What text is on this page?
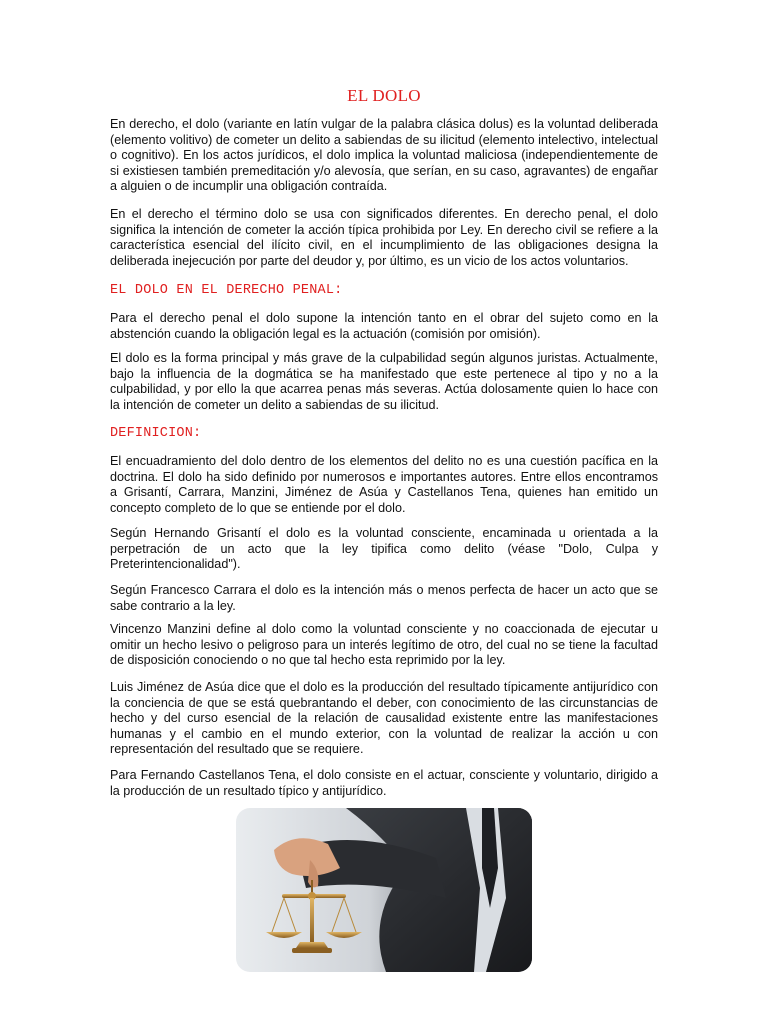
EL DOLO

En derecho, el dolo (variante en latín vulgar de la palabra clásica dolus) es la voluntad deliberada (elemento volitivo) de cometer un delito a sabiendas de su ilicitud (elemento intelectivo, intelectual o cognitivo). En los actos jurídicos, el dolo implica la voluntad maliciosa (independientemente de si existiesen también premeditación y/o alevosía, que serían, en su caso, agravantes) de engañar a alguien o de incumplir una obligación contraída.

En el derecho el término dolo se usa con significados diferentes. En derecho penal, el dolo significa la intención de cometer la acción típica prohibida por Ley. En derecho civil se refiere a la característica esencial del ilícito civil, en el incumplimiento de las obligaciones designa la deliberada inejecución por parte del deudor y, por último, es un vicio de los actos voluntarios.

EL DOLO EN EL DERECHO PENAL:

Para el derecho penal el dolo supone la intención tanto en el obrar del sujeto como en la abstención cuando la obligación legal es la actuación (comisión por omisión).

El dolo es la forma principal y más grave de la culpabilidad según algunos juristas. Actualmente, bajo la influencia de la dogmática se ha manifestado que este pertenece al tipo y no a la culpabilidad, y por ello la que acarrea penas más severas. Actúa dolosamente quien lo hace con la intención de cometer un delito a sabiendas de su ilicitud.

DEFINICION:

El encuadramiento del dolo dentro de los elementos del delito no es una cuestión pacífica en la doctrina. El dolo ha sido definido por numerosos e importantes autores. Entre ellos encontramos a Grisantí, Carrara, Manzini, Jiménez de Asúa y Castellanos Tena, quienes han emitido un concepto completo de lo que se entiende por el dolo.

Según Hernando Grisantí el dolo es la voluntad consciente, encaminada u orientada a la perpetración de un acto que la ley tipifica como delito (véase "Dolo, Culpa y Preterintencionalidad").

Según Francesco Carrara el dolo es la intención más o menos perfecta de hacer un acto que se sabe contrario a la ley.

Vincenzo Manzini define al dolo como la voluntad consciente y no coaccionada de ejecutar u omitir un hecho lesivo o peligroso para un interés legítimo de otro, del cual no se tiene la facultad de disposición conociendo o no que tal hecho esta reprimido por la ley.

Luis Jiménez de Asúa dice que el dolo es la producción del resultado típicamente antijurídico con la conciencia de que se está quebrantando el deber, con conocimiento de las circunstancias de hecho y del curso esencial de la relación de causalidad existente entre las manifestaciones humanas y el cambio en el mundo exterior, con la voluntad de realizar la acción u con representación del resultado que se requiere.

Para Fernando Castellanos Tena, el dolo consiste en el actuar, consciente y voluntario, dirigido a la producción de un resultado típico y antijurídico.
